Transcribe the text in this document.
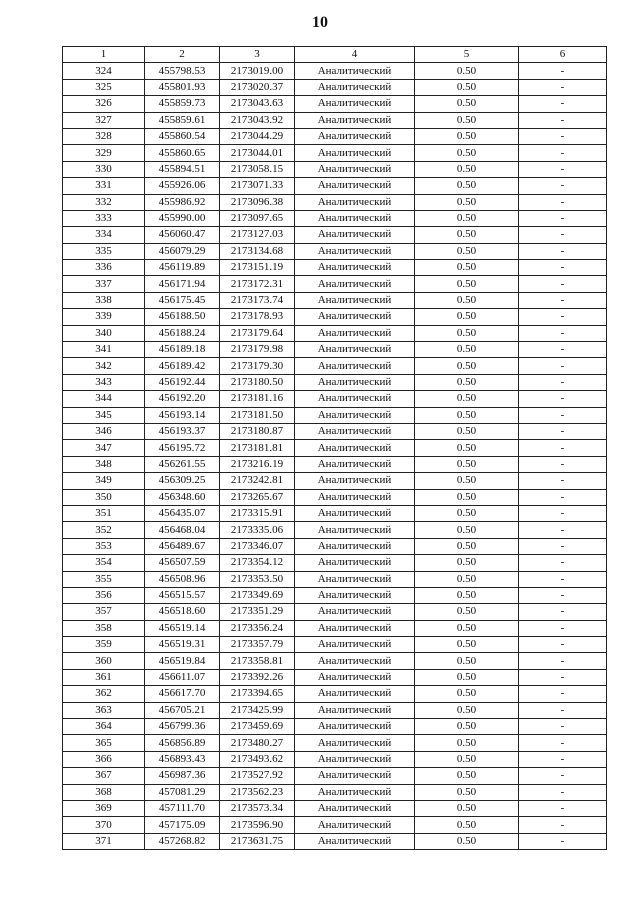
10
1	2	3	4	5	6
324	455798.53	2173019.00	Аналитический	0.50	-
325	455801.93	2173020.37	Аналитический	0.50	-
326	455859.73	2173043.63	Аналитический	0.50	-
327	455859.61	2173043.92	Аналитический	0.50	-
328	455860.54	2173044.29	Аналитический	0.50	-
329	455860.65	2173044.01	Аналитический	0.50	-
330	455894.51	2173058.15	Аналитический	0.50	-
331	455926.06	2173071.33	Аналитический	0.50	-
332	455986.92	2173096.38	Аналитический	0.50	-
333	455990.00	2173097.65	Аналитический	0.50	-
334	456060.47	2173127.03	Аналитический	0.50	-
335	456079.29	2173134.68	Аналитический	0.50	-
336	456119.89	2173151.19	Аналитический	0.50	-
337	456171.94	2173172.31	Аналитический	0.50	-
338	456175.45	2173173.74	Аналитический	0.50	-
339	456188.50	2173178.93	Аналитический	0.50	-
340	456188.24	2173179.64	Аналитический	0.50	-
341	456189.18	2173179.98	Аналитический	0.50	-
342	456189.42	2173179.30	Аналитический	0.50	-
343	456192.44	2173180.50	Аналитический	0.50	-
344	456192.20	2173181.16	Аналитический	0.50	-
345	456193.14	2173181.50	Аналитический	0.50	-
346	456193.37	2173180.87	Аналитический	0.50	-
347	456195.72	2173181.81	Аналитический	0.50	-
348	456261.55	2173216.19	Аналитический	0.50	-
349	456309.25	2173242.81	Аналитический	0.50	-
350	456348.60	2173265.67	Аналитический	0.50	-
351	456435.07	2173315.91	Аналитический	0.50	-
352	456468.04	2173335.06	Аналитический	0.50	-
353	456489.67	2173346.07	Аналитический	0.50	-
354	456507.59	2173354.12	Аналитический	0.50	-
355	456508.96	2173353.50	Аналитический	0.50	-
356	456515.57	2173349.69	Аналитический	0.50	-
357	456518.60	2173351.29	Аналитический	0.50	-
358	456519.14	2173356.24	Аналитический	0.50	-
359	456519.31	2173357.79	Аналитический	0.50	-
360	456519.84	2173358.81	Аналитический	0.50	-
361	456611.07	2173392.26	Аналитический	0.50	-
362	456617.70	2173394.65	Аналитический	0.50	-
363	456705.21	2173425.99	Аналитический	0.50	-
364	456799.36	2173459.69	Аналитический	0.50	-
365	456856.89	2173480.27	Аналитический	0.50	-
366	456893.43	2173493.62	Аналитический	0.50	-
367	456987.36	2173527.92	Аналитический	0.50	-
368	457081.29	2173562.23	Аналитический	0.50	-
369	457111.70	2173573.34	Аналитический	0.50	-
370	457175.09	2173596.90	Аналитический	0.50	-
371	457268.82	2173631.75	Аналитический	0.50	-
